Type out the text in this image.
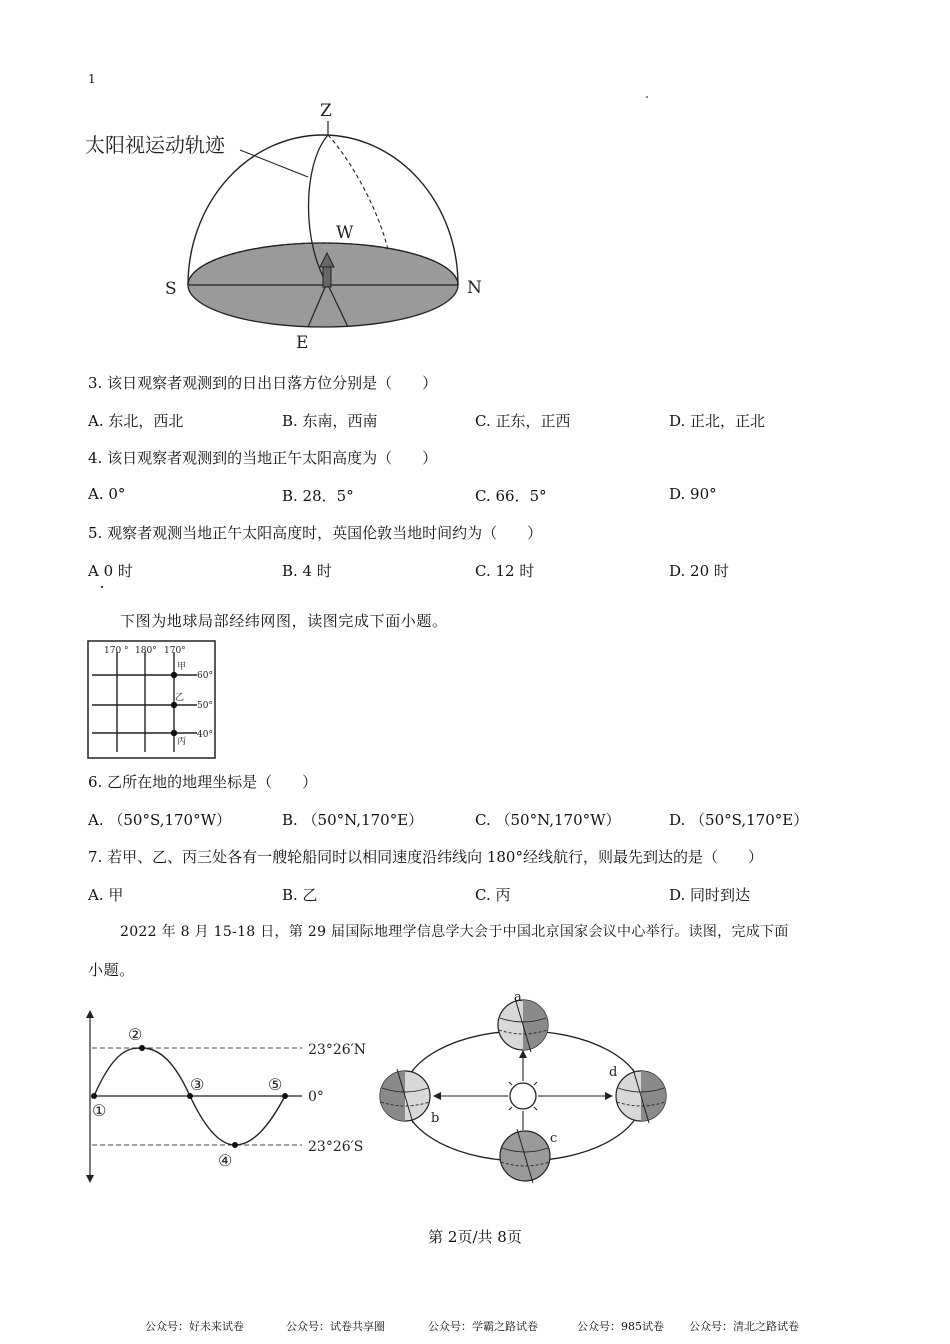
1
太阳视运动轨迹
Z
W
S	N
E
3. 该日观察者观测到的日出日落方位分别是（　　）
A. 东北，西北	B. 东南，西南	C. 正东，正西	D. 正北，正北
4. 该日观察者观测到的当地正午太阳高度为（　　）
A. 0°	B. 28．5°	C. 66．5°	D. 90°
5. 观察者观测当地正午太阳高度时，英国伦敦当地时间约为（　　）
A 0 时	B. 4 时	C. 12 时	D. 20 时
下图为地球局部经纬网图，读图完成下面小题。
170 ° 180° 170°
60°
50°
40°
甲
乙
丙
6. 乙所在地的地理坐标是（　　）
A. （50°S,170°W）	B. （50°N,170°E）	C. （50°N,170°W）	D. （50°S,170°E）
7. 若甲、乙、丙三处各有一艘轮船同时以相同速度沿纬线向 180°经线航行，则最先到达的是（　　）
A. 甲	B. 乙	C. 丙	D. 同时到达
2022 年 8 月 15-18 日，第 29 届国际地理学信息学大会于中国北京国家会议中心举行。读图，完成下面
小题。
①
②
③
④
⑤
23°26′N
0°
23°26′S
a
b
c
d
第 2页/共 8页
公众号：好未来试卷	公众号：试卷共享圈	公众号：学霸之路试卷	公众号：985试卷 公众号：清北之路试卷
